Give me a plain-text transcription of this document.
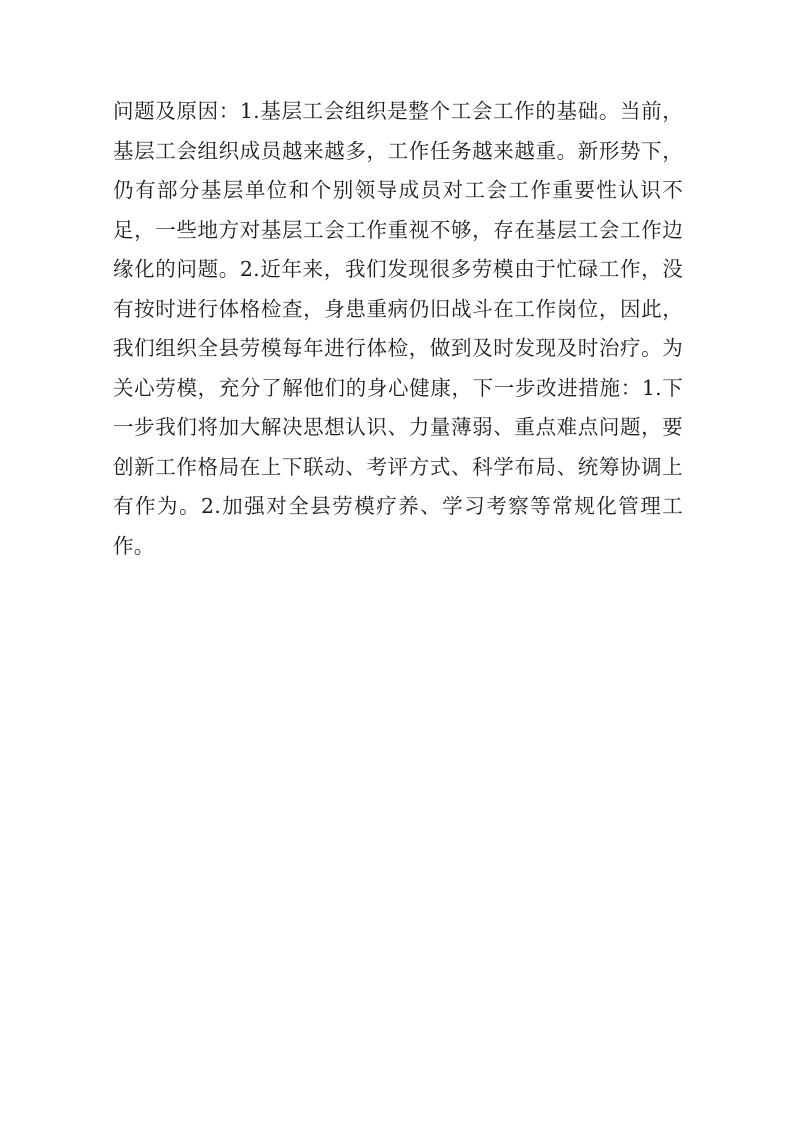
问题及原因：1.基层工会组织是整个工会工作的基础。当前，基层工会组织成员越来越多，工作任务越来越重。新形势下，仍有部分基层单位和个别领导成员对工会工作重要性认识不足，一些地方对基层工会工作重视不够，存在基层工会工作边缘化的问题。2.近年来，我们发现很多劳模由于忙碌工作，没有按时进行体格检查，身患重病仍旧战斗在工作岗位，因此，我们组织全县劳模每年进行体检，做到及时发现及时治疗。为关心劳模，充分了解他们的身心健康，下一步改进措施：1.下一步我们将加大解决思想认识、力量薄弱、重点难点问题，要创新工作格局在上下联动、考评方式、科学布局、统筹协调上有作为。2.加强对全县劳模疗养、学习考察等常规化管理工作。
